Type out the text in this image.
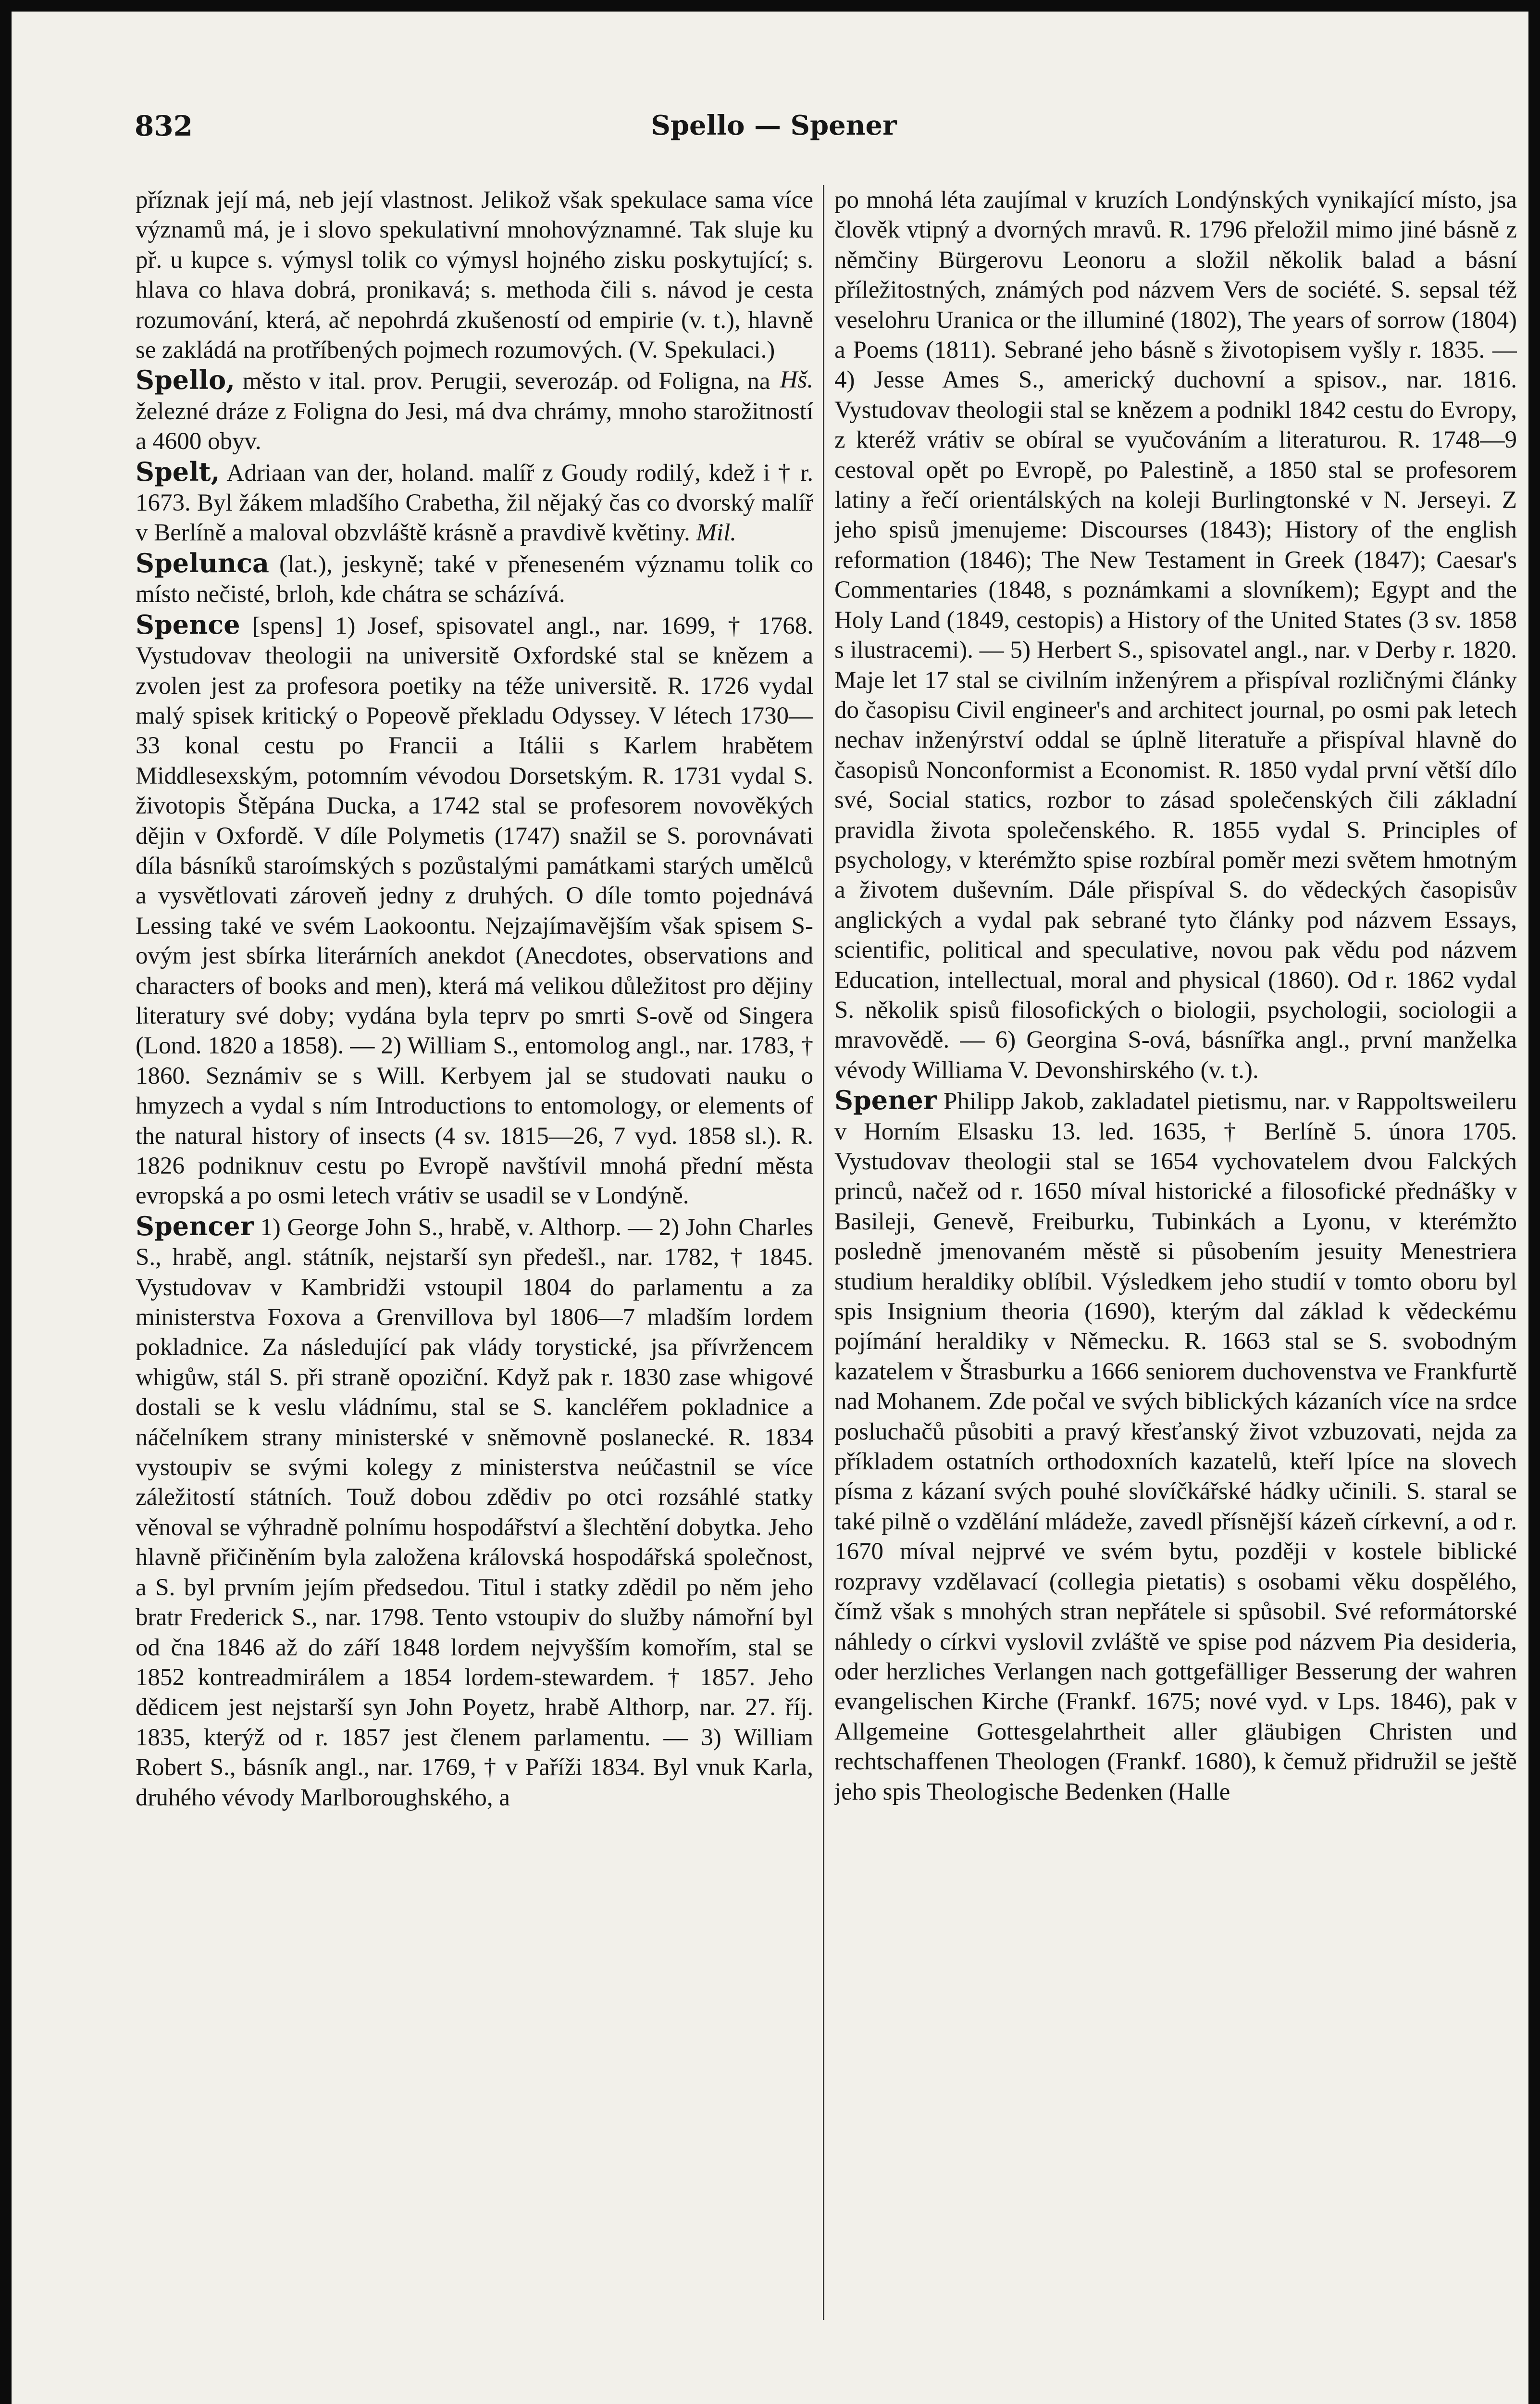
832	Spello — Spener

příznak její má, neb její vlastnost. Jelikož však spekulace sama více významů má, je i slovo spekulativní mnohovýznamné. Tak sluje ku př. u kupce s. výmysl tolik co výmysl hojného zisku poskytující; s. hlava co hlava dobrá, pronikavá; s. methoda čili s. návod je cesta rozumování, která, ač nepohrdá zkušeností od empirie (v. t.), hlavně se zakládá na protříbených pojmech rozumových. (V. Spekulaci.)
Hš.

Spello, město v ital. prov. Perugii, severozáp. od Foligna, na železné dráze z Foligna do Jesi, má dva chrámy, mnoho starožitností a 4600 obyv.

Spelt, Adriaan van der, holand. malíř z Goudy rodilý, kdež i † r. 1673. Byl žákem mladšího Crabetha, žil nějaký čas co dvorský malíř v Berlíně a maloval obzvláště krásně a pravdivě květiny. Mil.

Spelunca (lat.), jeskyně; také v přeneseném významu tolik co místo nečisté, brloh, kde chátra se scházívá.

Spence [spens] 1) Josef, spisovatel angl., nar. 1699, † 1768. Vystudovav theologii na universitě Oxfordské stal se knězem a zvolen jest za profesora poetiky na téže universitě. R. 1726 vydal malý spisek kritický o Popeově překladu Odyssey. V létech 1730—33 konal cestu po Francii a Itálii s Karlem hrabětem Middlesexským, potomním vévodou Dorsetským. R. 1731 vydal S. životopis Štěpána Ducka, a 1742 stal se profesorem novověkých dějin v Oxfordě. V díle Polymetis (1747) snažil se S. porovnávati díla básníků staroímských s pozůstalými památkami starých umělců a vysvětlovati zároveň jedny z druhých. O díle tomto pojednává Lessing také ve svém Laokoontu. Nejzajímavějším však spisem S-ovým jest sbírka literárních anekdot (Anecdotes, observations and characters of books and men), která má velikou důležitost pro dějiny literatury své doby; vydána byla teprv po smrti S-ově od Singera (Lond. 1820 a 1858). — 2) William S., entomolog angl., nar. 1783, † 1860. Seznámiv se s Will. Kerbyem jal se studovati nauku o hmyzech a vydal s ním Introductions to entomology, or elements of the natural history of insects (4 sv. 1815—26, 7 vyd. 1858 sl.). R. 1826 podniknuv cestu po Evropě navštívil mnohá přední města evropská a po osmi letech vrátiv se usadil se v Londýně.

Spencer 1) George John S., hrabě, v. Althorp. — 2) John Charles S., hrabě, angl. státník, nejstarší syn předešl., nar. 1782, † 1845. Vystudovav v Kambridži vstoupil 1804 do parlamentu a za ministerstva Foxova a Grenvillova byl 1806—7 mladším lordem pokladnice. Za následující pak vlády torystické, jsa přívržencem whigůw, stál S. při straně opoziční. Když pak r. 1830 zase whigové dostali se k veslu vládnímu, stal se S. kancléřem pokladnice a náčelníkem strany ministerské v sněmovně poslanecké. R. 1834 vystoupiv se svými kolegy z ministerstva neúčastnil se více záležitostí státních. Touž dobou zdědiv po otci rozsáhlé statky věnoval se výhradně polnímu hospodářství a šlechtění dobytka. Jeho hlavně přičiněním byla založena královská hospodářská společnost, a S. byl prvním jejím předsedou. Titul i statky zdědil po něm jeho bratr Frederick S., nar. 1798. Tento vstoupiv do služby námořní byl od čna 1846 až do září 1848 lordem nejvyšším komořím, stal se 1852 kontreadmirálem a 1854 lordem-stewardem. † 1857. Jeho dědicem jest nejstarší syn John Poyetz, hrabě Althorp, nar. 27. říj. 1835, kterýž od r. 1857 jest členem parlamentu. — 3) William Robert S., básník angl., nar. 1769, † v Paříži 1834. Byl vnuk Karla, druhého vévody Marlboroughského, a

po mnohá léta zaujímal v kruzích Londýnských vynikající místo, jsa člověk vtipný a dvorných mravů. R. 1796 přeložil mimo jiné básně z němčiny Bürgerovu Leonoru a složil několik balad a básní příležitostných, známých pod názvem Vers de société. S. sepsal též veselohru Uranica or the illuminé (1802), The years of sorrow (1804) a Poems (1811). Sebrané jeho básně s životopisem vyšly r. 1835. — 4) Jesse Ames S., americký duchovní a spisov., nar. 1816. Vystudovav theologii stal se knězem a podnikl 1842 cestu do Evropy, z kteréž vrátiv se obíral se vyučováním a literaturou. R. 1748—9 cestoval opět po Evropě, po Palestině, a 1850 stal se profesorem latiny a řečí orientálských na koleji Burlingtonské v N. Jerseyi. Z jeho spisů jmenujeme: Discourses (1843); History of the english reformation (1846); The New Testament in Greek (1847); Caesar's Commentaries (1848, s poznámkami a slovníkem); Egypt and the Holy Land (1849, cestopis) a History of the United States (3 sv. 1858 s ilustracemi). — 5) Herbert S., spisovatel angl., nar. v Derby r. 1820. Maje let 17 stal se civilním inženýrem a přispíval rozličnými články do časopisu Civil engineer's and architect journal, po osmi pak letech nechav inženýrství oddal se úplně literatuře a přispíval hlavně do časopisů Nonconformist a Economist. R. 1850 vydal první větší dílo své, Social statics, rozbor to zásad společenských čili základní pravidla života společenského. R. 1855 vydal S. Principles of psychology, v kterémžto spise rozbíral poměr mezi světem hmotným a životem duševním. Dále přispíval S. do vědeckých časopisův anglických a vydal pak sebrané tyto články pod názvem Essays, scientific, political and speculative, novou pak vědu pod názvem Education, intellectual, moral and physical (1860). Od r. 1862 vydal S. několik spisů filosofických o biologii, psychologii, sociologii a mravovědě. — 6) Georgina S-ová, básnířka angl., první manželka vévody Williama V. Devonshirského (v. t.).

Spener Philipp Jakob, zakladatel pietismu, nar. v Rappoltsweileru v Horním Elsasku 13. led. 1635, † Berlíně 5. února 1705. Vystudovav theologii stal se 1654 vychovatelem dvou Falckých princů, načež od r. 1650 míval historické a filosofické přednášky v Basileji, Genevě, Freiburku, Tubinkách a Lyonu, v kterémžto posledně jmenovaném městě si působením jesuity Menestriera studium heraldiky oblíbil. Výsledkem jeho studií v tomto oboru byl spis Insignium theoria (1690), kterým dal základ k vědeckému pojímání heraldiky v Německu. R. 1663 stal se S. svobodným kazatelem v Štrasburku a 1666 seniorem duchovenstva ve Frankfurtě nad Mohanem. Zde počal ve svých biblických kázaních více na srdce posluchačů působiti a pravý křesťanský život vzbuzovati, nejda za příkladem ostatních orthodoxních kazatelů, kteří lpíce na slovech písma z kázaní svých pouhé slovíčkářské hádky učinili. S. staral se také pilně o vzdělání mládeže, zavedl přísnější kázeň církevní, a od r. 1670 míval nejprvé ve svém bytu, později v kostele biblické rozpravy vzdělavací (collegia pietatis) s osobami věku dospělého, čímž však s mnohých stran nepřátele si spůsobil. Své reformátorské náhledy o církvi vyslovil zvláště ve spise pod názvem Pia desideria, oder herzliches Verlangen nach gottgefälliger Besserung der wahren evangelischen Kirche (Frankf. 1675; nové vyd. v Lps. 1846), pak v Allgemeine Gottesgelahrtheit aller gläubigen Christen und rechtschaffenen Theologen (Frankf. 1680), k čemuž přidružil se ještě jeho spis Theologische Bedenken (Halle
